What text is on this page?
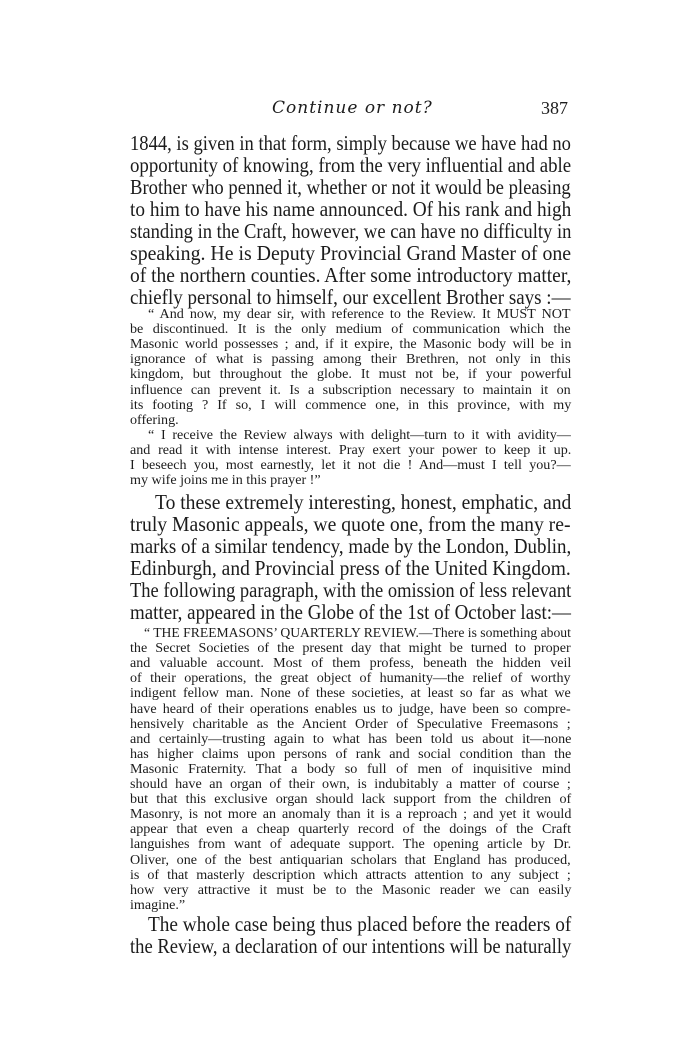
Continue or not?	387
1844, is given in that form, simply because we have had no
opportunity of knowing, from the very influential and able
Brother who penned it, whether or not it would be pleasing
to him to have his name announced. Of his rank and high
standing in the Craft, however, we can have no difficulty in
speaking. He is Deputy Provincial Grand Master of one
of the northern counties. After some introductory matter,
chiefly personal to himself, our excellent Brother says :—
“ And now, my dear sir, with reference to the Review. It MUST NOT
be discontinued. It is the only medium of communication which the
Masonic world possesses ; and, if it expire, the Masonic body will be in
ignorance of what is passing among their Brethren, not only in this
kingdom, but throughout the globe. It must not be, if your powerful
influence can prevent it. Is a subscription necessary to maintain it on
its footing ? If so, I will commence one, in this province, with my
offering.
“ I receive the Review always with delight—turn to it with avidity—
and read it with intense interest. Pray exert your power to keep it up.
I beseech you, most earnestly, let it not die ! And—must I tell you?—
my wife joins me in this prayer !”
To these extremely interesting, honest, emphatic, and
truly Masonic appeals, we quote one, from the many re-
marks of a similar tendency, made by the London, Dublin,
Edinburgh, and Provincial press of the United Kingdom.
The following paragraph, with the omission of less relevant
matter, appeared in the Globe of the 1st of October last:—
“ THE FREEMASONS’ QUARTERLY REVIEW.—There is something about
the Secret Societies of the present day that might be turned to proper
and valuable account. Most of them profess, beneath the hidden veil
of their operations, the great object of humanity—the relief of worthy
indigent fellow man. None of these societies, at least so far as what we
have heard of their operations enables us to judge, have been so compre-
hensively charitable as the Ancient Order of Speculative Freemasons ;
and certainly—trusting again to what has been told us about it—none
has higher claims upon persons of rank and social condition than the
Masonic Fraternity. That a body so full of men of inquisitive mind
should have an organ of their own, is indubitably a matter of course ;
but that this exclusive organ should lack support from the children of
Masonry, is not more an anomaly than it is a reproach ; and yet it would
appear that even a cheap quarterly record of the doings of the Craft
languishes from want of adequate support. The opening article by Dr.
Oliver, one of the best antiquarian scholars that England has produced,
is of that masterly description which attracts attention to any subject ;
how very attractive it must be to the Masonic reader we can easily
imagine.”
The whole case being thus placed before the readers of
the Review, a declaration of our intentions will be naturally
